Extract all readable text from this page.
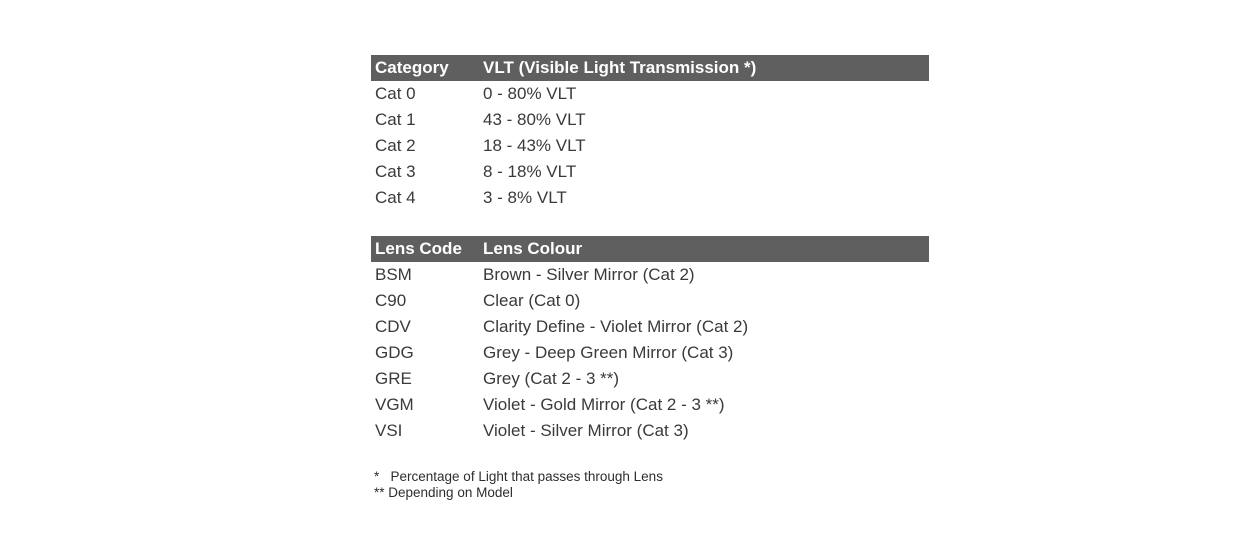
Category	VLT (Visible Light Transmission *)
Cat 0	0 - 80% VLT
Cat 1	43 - 80% VLT
Cat 2	18 - 43% VLT
Cat 3	8 - 18% VLT
Cat 4	3 - 8% VLT
Lens Code	Lens Colour
BSM	Brown - Silver Mirror (Cat 2)
C90	Clear (Cat 0)
CDV	Clarity Define - Violet Mirror (Cat 2)
GDG	Grey - Deep Green Mirror (Cat 3)
GRE	Grey (Cat 2 - 3 **)
VGM	Violet - Gold Mirror (Cat 2 - 3 **)
VSI	Violet - Silver Mirror (Cat 3)
*   Percentage of Light that passes through Lens
** Depending on Model
